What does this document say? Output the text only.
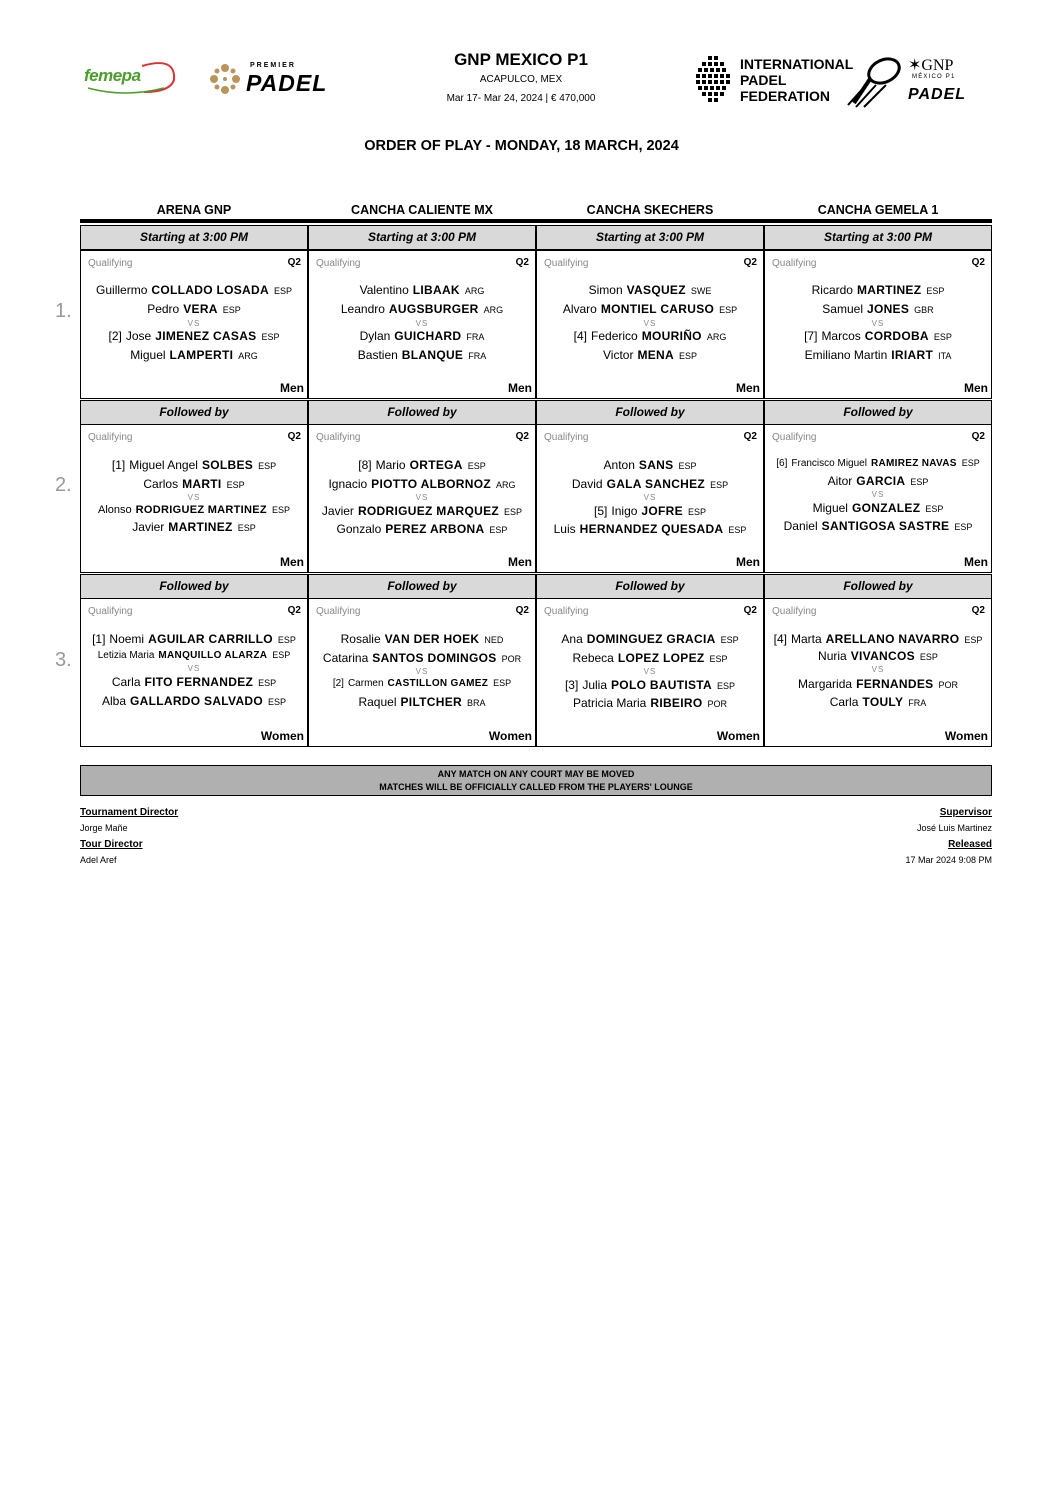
femepa
PREMIER
PADEL
GNP MEXICO P1
ACAPULCO, MEX
Mar 17- Mar 24, 2024 | € 470,000
INTERNATIONAL
PADEL
FEDERATION
✶GNP
MÉXICO P1
PADEL
ORDER OF PLAY - MONDAY, 18 MARCH, 2024
ARENA GNP	CANCHA CALIENTE MX	CANCHA SKECHERS	CANCHA GEMELA 1
1.
Starting at 3:00 PM	Starting at 3:00 PM	Starting at 3:00 PM	Starting at 3:00 PM
Qualifying	Q2
Guillermo COLLADO LOSADA ESP
Pedro VERA ESP
VS
[2] Jose JIMENEZ CASAS ESP
Miguel LAMPERTI ARG
Men
Qualifying	Q2
Valentino LIBAAK ARG
Leandro AUGSBURGER ARG
VS
Dylan GUICHARD FRA
Bastien BLANQUE FRA
Men
Qualifying	Q2
Simon VASQUEZ SWE
Alvaro MONTIEL CARUSO ESP
VS
[4] Federico MOURIÑO ARG
Victor MENA ESP
Men
Qualifying	Q2
Ricardo MARTINEZ ESP
Samuel JONES GBR
VS
[7] Marcos CORDOBA ESP
Emiliano Martin IRIART ITA
Men
2.
Followed by	Followed by	Followed by	Followed by
Qualifying	Q2
[1] Miguel Angel SOLBES ESP
Carlos MARTI ESP
VS
Alonso RODRIGUEZ MARTINEZ ESP
Javier MARTINEZ ESP
Men
Qualifying	Q2
[8] Mario ORTEGA ESP
Ignacio PIOTTO ALBORNOZ ARG
VS
Javier RODRIGUEZ MARQUEZ ESP
Gonzalo PEREZ ARBONA ESP
Men
Qualifying	Q2
Anton SANS ESP
David GALA SANCHEZ ESP
VS
[5] Inigo JOFRE ESP
Luis HERNANDEZ QUESADA ESP
Men
Qualifying	Q2
[6] Francisco Miguel RAMIREZ NAVAS ESP
Aitor GARCIA ESP
VS
Miguel GONZALEZ ESP
Daniel SANTIGOSA SASTRE ESP
Men
3.
Followed by	Followed by	Followed by	Followed by
Qualifying	Q2
[1] Noemi AGUILAR CARRILLO ESP
Letizia Maria MANQUILLO ALARZA ESP
VS
Carla FITO FERNANDEZ ESP
Alba GALLARDO SALVADO ESP
Women
Qualifying	Q2
Rosalie VAN DER HOEK NED
Catarina SANTOS DOMINGOS POR
VS
[2] Carmen CASTILLON GAMEZ ESP
Raquel PILTCHER BRA
Women
Qualifying	Q2
Ana DOMINGUEZ GRACIA ESP
Rebeca LOPEZ LOPEZ ESP
VS
[3] Julia POLO BAUTISTA ESP
Patricia Maria RIBEIRO POR
Women
Qualifying	Q2
[4] Marta ARELLANO NAVARRO ESP
Nuria VIVANCOS ESP
VS
Margarida FERNANDES POR
Carla TOULY FRA
Women
ANY MATCH ON ANY COURT MAY BE MOVED
MATCHES WILL BE OFFICIALLY CALLED FROM THE PLAYERS' LOUNGE
Tournament Director
Jorge Mañe
Tour Director
Adel Aref
Supervisor
José Luis Martinez
Released
17 Mar 2024 9:08 PM
